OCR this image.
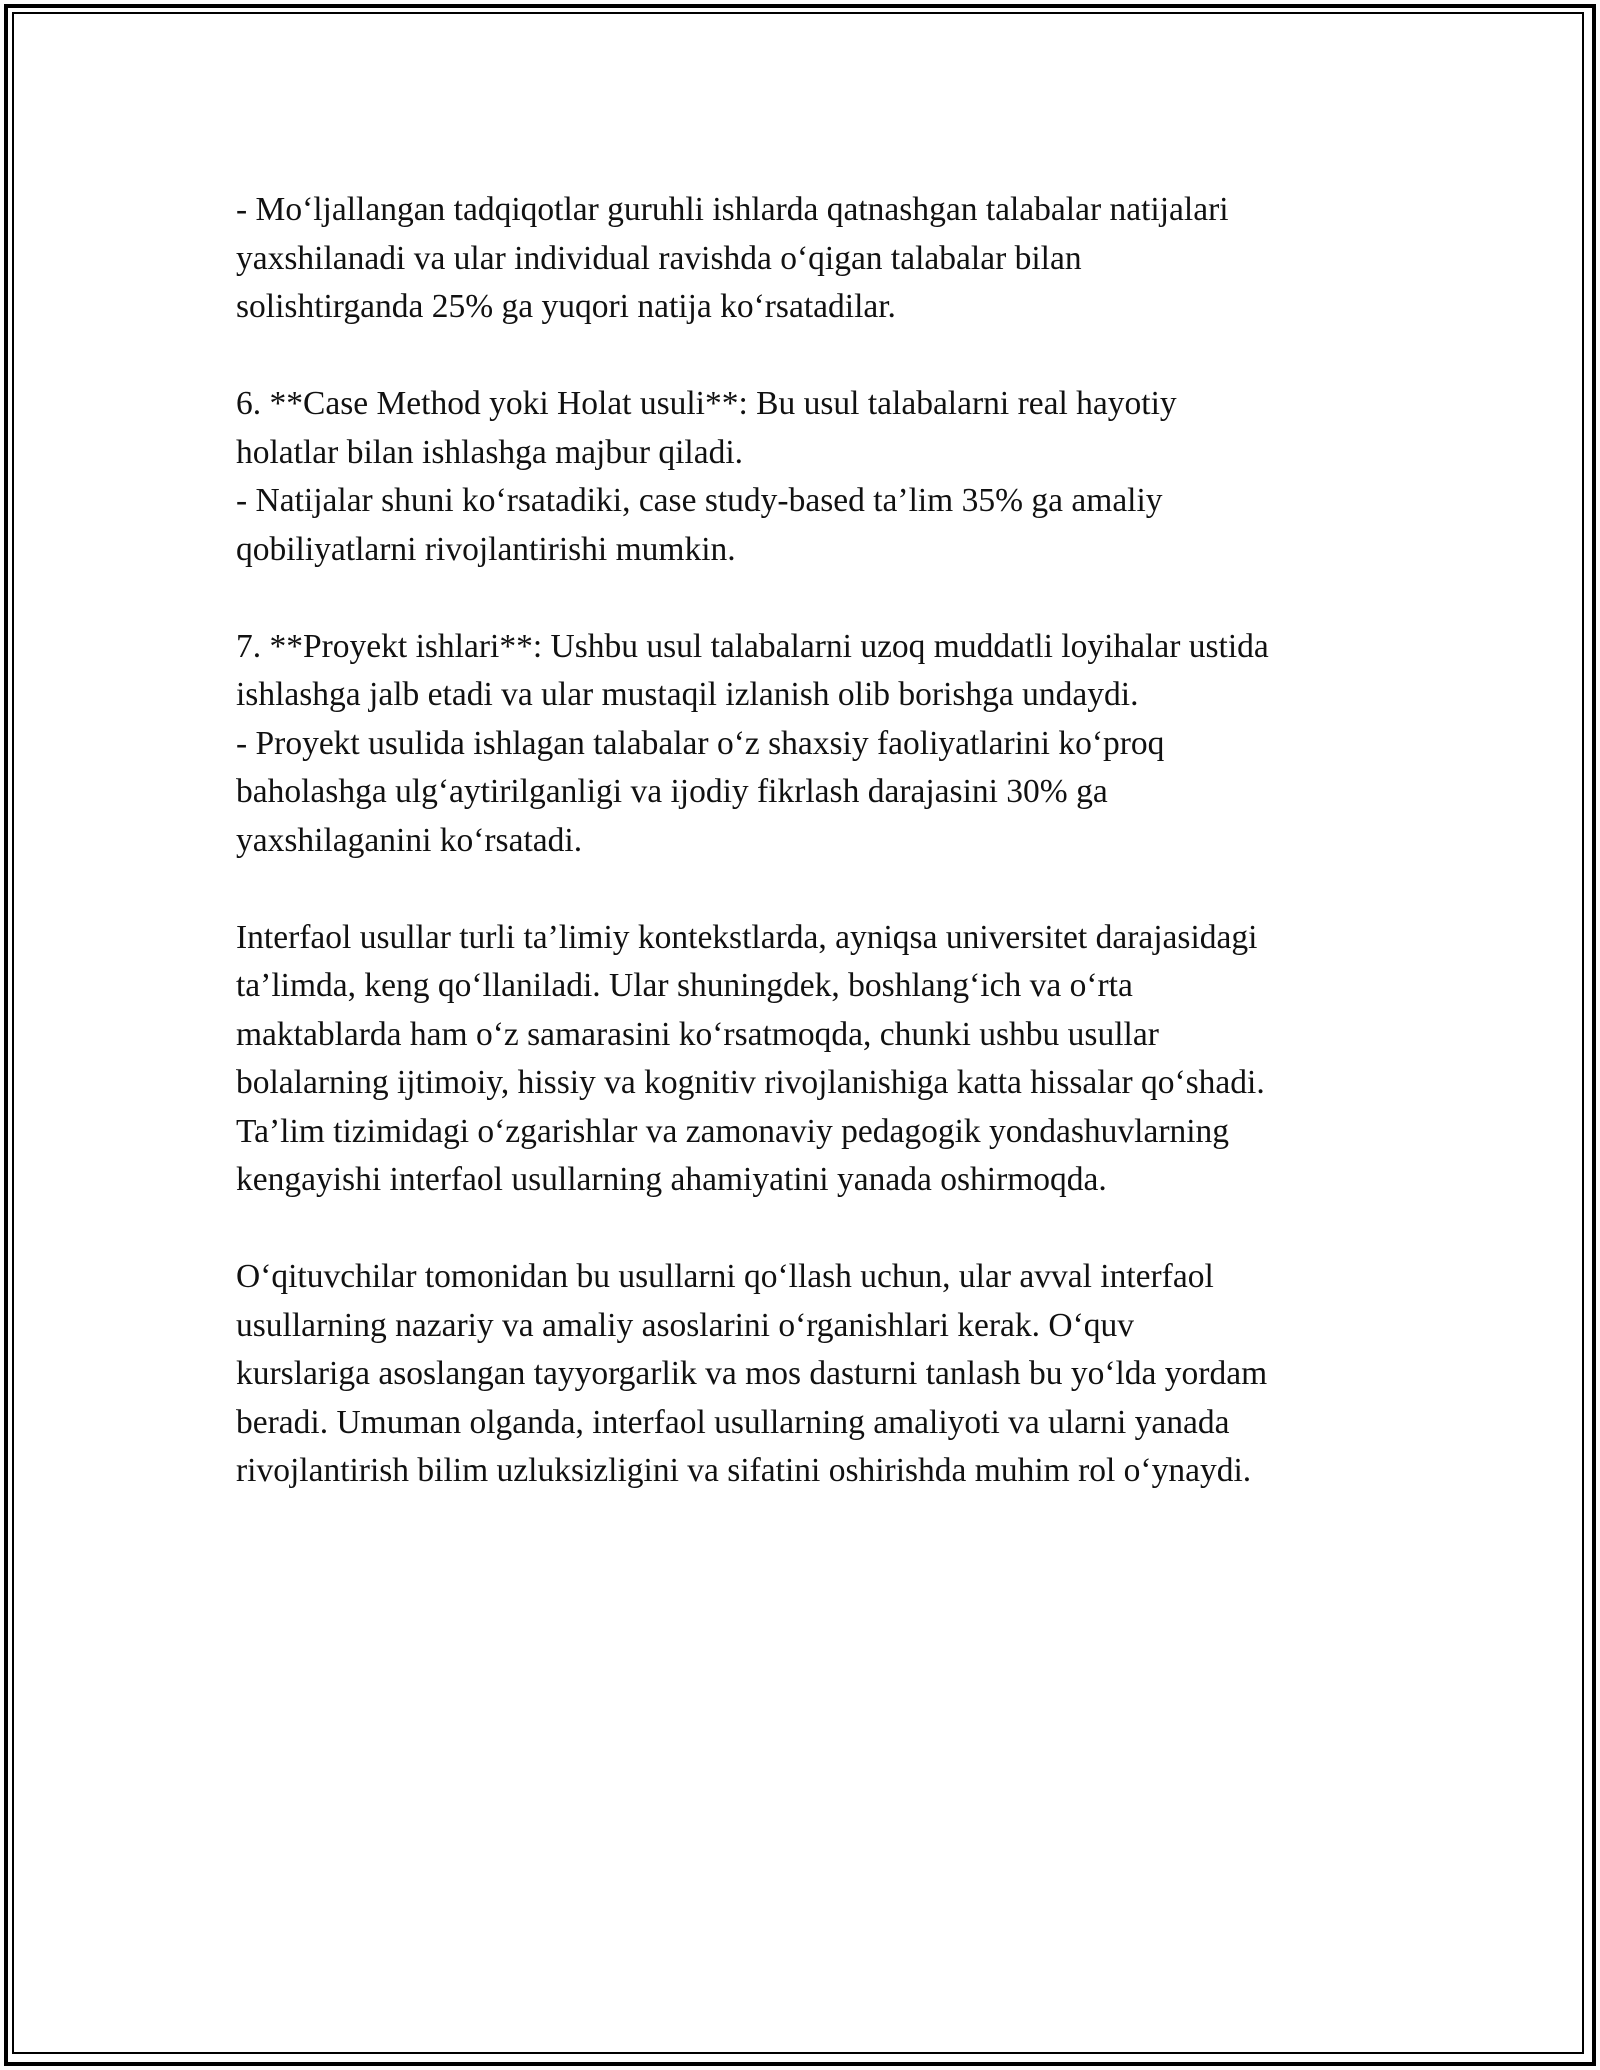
- Mo‘ljallangan tadqiqotlar guruhli ishlarda qatnashgan talabalar natijalari
yaxshilanadi va ular individual ravishda o‘qigan talabalar bilan
solishtirganda 25% ga yuqori natija ko‘rsatadilar.

6. **Case Method yoki Holat usuli**: Bu usul talabalarni real hayotiy
holatlar bilan ishlashga majbur qiladi.
- Natijalar shuni ko‘rsatadiki, case study-based ta’lim 35% ga amaliy
qobiliyatlarni rivojlantirishi mumkin.

7. **Proyekt ishlari**: Ushbu usul talabalarni uzoq muddatli loyihalar ustida
ishlashga jalb etadi va ular mustaqil izlanish olib borishga undaydi.
- Proyekt usulida ishlagan talabalar o‘z shaxsiy faoliyatlarini ko‘proq
baholashga ulg‘aytirilganligi va ijodiy fikrlash darajasini 30% ga
yaxshilaganini ko‘rsatadi.

Interfaol usullar turli ta’limiy kontekstlarda, ayniqsa universitet darajasidagi
ta’limda, keng qo‘llaniladi. Ular shuningdek, boshlang‘ich va o‘rta
maktablarda ham o‘z samarasini ko‘rsatmoqda, chunki ushbu usullar
bolalarning ijtimoiy, hissiy va kognitiv rivojlanishiga katta hissalar qo‘shadi.
Ta’lim tizimidagi o‘zgarishlar va zamonaviy pedagogik yondashuvlarning
kengayishi interfaol usullarning ahamiyatini yanada oshirmoqda.

O‘qituvchilar tomonidan bu usullarni qo‘llash uchun, ular avval interfaol
usullarning nazariy va amaliy asoslarini o‘rganishlari kerak. O‘quv
kurslariga asoslangan tayyorgarlik va mos dasturni tanlash bu yo‘lda yordam
beradi. Umuman olganda, interfaol usullarning amaliyoti va ularni yanada
rivojlantirish bilim uzluksizligini va sifatini oshirishda muhim rol o‘ynaydi.
